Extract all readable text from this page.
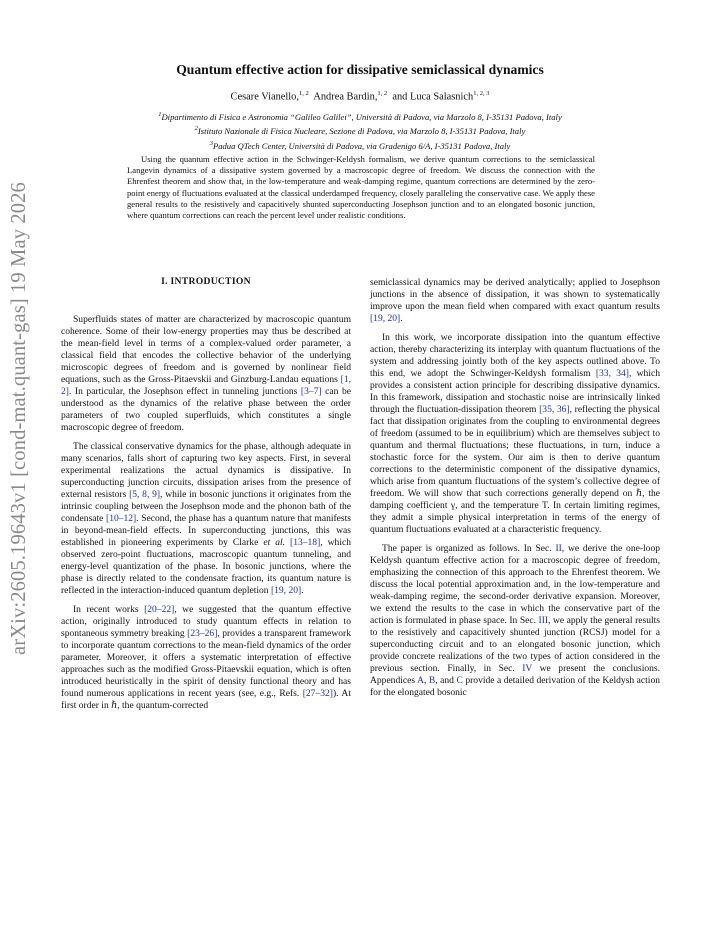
arXiv:2605.19643v1 [cond-mat.quant-gas] 19 May 2026
Quantum effective action for dissipative semiclassical dynamics
Cesare Vianello,$^{1, 2}$ Andrea Bardin,$^{1, 2}$ and Luca Salasnich$^{1, 2, 3}$
$^1$Dipartimento di Fisica e Astronomia “Galileo Galilei”, Università di Padova, via Marzolo 8, I-35131 Padova, Italy
$^2$Istituto Nazionale di Fisica Nucleare, Sezione di Padova, via Marzolo 8, I-35131 Padova, Italy
$^3$Padua QTech Center, Università di Padova, via Gradenigo 6/A, I-35131 Padova, Italy
Using the quantum effective action in the Schwinger-Keldysh formalism, we derive quantum corrections to the semiclassical Langevin dynamics of a dissipative system governed by a macroscopic degree of freedom. We discuss the connection with the Ehrenfest theorem and show that, in the low-temperature and weak-damping regime, quantum corrections are determined by the zero-point energy of fluctuations evaluated at the classical underdamped frequency, closely paralleling the conservative case. We apply these general results to the resistively and capacitively shunted superconducting Josephson junction and to an elongated bosonic junction, where quantum corrections can reach the percent level under realistic conditions.
I. INTRODUCTION

Superfluids states of matter are characterized by macroscopic quantum coherence. Some of their low-energy properties may thus be described at the mean-field level in terms of a complex-valued order parameter, a classical field that encodes the collective behavior of the underlying microscopic degrees of freedom and is governed by nonlinear field equations, such as the Gross-Pitaevskii and Ginzburg-Landau equations [1, 2]. In particular, the Josephson effect in tunneling junctions [3–7] can be understood as the dynamics of the relative phase between the order parameters of two coupled superfluids, which constitutes a single macroscopic degree of freedom.

The classical conservative dynamics for the phase, although adequate in many scenarios, falls short of capturing two key aspects. First, in several experimental realizations the actual dynamics is dissipative. In superconducting junction circuits, dissipation arises from the presence of external resistors [5, 8, 9], while in bosonic junctions it originates from the intrinsic coupling between the Josephson mode and the phonon bath of the condensate [10–12]. Second, the phase has a quantum nature that manifests in beyond-mean-field effects. In superconducting junctions, this was established in pioneering experiments by Clarke et al. [13–18], which observed zero-point fluctuations, macroscopic quantum tunneling, and energy-level quantization of the phase. In bosonic junctions, where the phase is directly related to the condensate fraction, its quantum nature is reflected in the interaction-induced quantum depletion [19, 20].

In recent works [20–22], we suggested that the quantum effective action, originally introduced to study quantum effects in relation to spontaneous symmetry breaking [23–26], provides a transparent framework to incorporate quantum corrections to the mean-field dynamics of the order parameter. Moreover, it offers a systematic interpretation of effective approaches such as the modified Gross-Pitaevskii equation, which is often introduced heuristically in the spirit of density functional theory and has found numerous applications in recent years (see, e.g., Refs. [27–32]). At first order in ℏ, the quantum-corrected

semiclassical dynamics may be derived analytically; applied to Josephson junctions in the absence of dissipation, it was shown to systematically improve upon the mean field when compared with exact quantum results [19, 20].

In this work, we incorporate dissipation into the quantum effective action, thereby characterizing its interplay with quantum fluctuations of the system and addressing jointly both of the key aspects outlined above. To this end, we adopt the Schwinger-Keldysh formalism [33, 34], which provides a consistent action principle for describing dissipative dynamics. In this framework, dissipation and stochastic noise are intrinsically linked through the fluctuation-dissipation theorem [35, 36], reflecting the physical fact that dissipation originates from the coupling to environmental degrees of freedom (assumed to be in equilibrium) which are themselves subject to quantum and thermal fluctuations; these fluctuations, in turn, induce a stochastic force for the system. Our aim is then to derive quantum corrections to the deterministic component of the dissipative dynamics, which arise from quantum fluctuations of the system’s collective degree of freedom. We will show that such corrections generally depend on ℏ, the damping coefficient γ, and the temperature T. In certain limiting regimes, they admit a simple physical interpretation in terms of the energy of quantum fluctuations evaluated at a characteristic frequency.

The paper is organized as follows. In Sec. II, we derive the one-loop Keldysh quantum effective action for a macroscopic degree of freedom, emphasizing the connection of this approach to the Ehrenfest theorem. We discuss the local potential approximation and, in the low-temperature and weak-damping regime, the second-order derivative expansion. Moreover, we extend the results to the case in which the conservative part of the action is formulated in phase space. In Sec. III, we apply the general results to the resistively and capacitively shunted junction (RCSJ) model for a superconducting circuit and to an elongated bosonic junction, which provide concrete realizations of the two types of action considered in the previous section. Finally, in Sec. IV we present the conclusions. Appendices A, B, and C provide a detailed derivation of the Keldysh action for the elongated bosonic
